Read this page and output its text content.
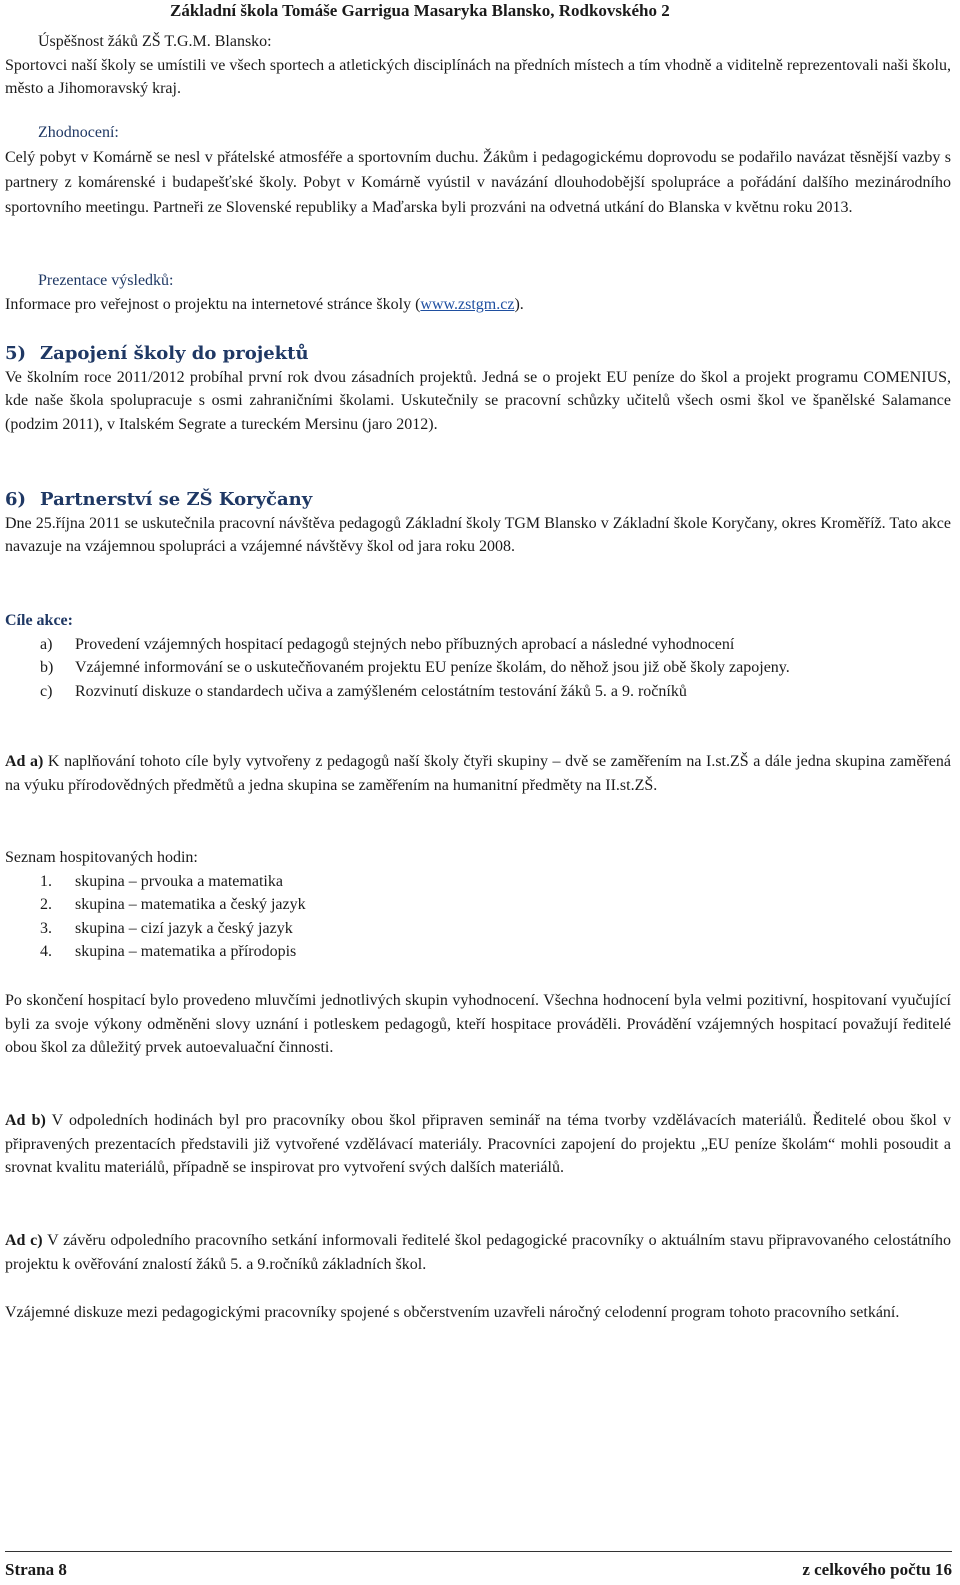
Základní škola Tomáše Garrigua Masaryka Blansko, Rodkovského 2

Úspěšnost žáků ZŠ T.G.M. Blansko:

Sportovci naší školy se umístili ve všech sportech a atletických disciplínách na předních místech a tím vhodně a viditelně reprezentovali naši školu, město a Jihomoravský kraj.

Zhodnocení:

Celý pobyt v Komárně se nesl v přátelské atmosféře a sportovním duchu. Žákům i pedagogickému doprovodu se podařilo navázat těsnější vazby s partnery z komárenské i budapešťské školy. Pobyt v Komárně vyústil v navázání dlouhodobější spolupráce a pořádání dalšího mezinárodního sportovního meetingu. Partneři ze Slovenské republiky a Maďarska byli prozváni na odvetná utkání do Blanska v květnu roku 2013.

Prezentace výsledků:

Informace pro veřejnost o projektu na internetové stránce školy (www.zstgm.cz).

5) Zapojení školy do projektů

Ve školním roce 2011/2012 probíhal první rok dvou zásadních projektů. Jedná se o projekt EU peníze do škol a projekt programu COMENIUS, kde naše škola spolupracuje s osmi zahraničními školami. Uskutečnily se pracovní schůzky učitelů všech osmi škol ve španělské Salamance (podzim 2011), v Italském Segrate a tureckém Mersinu (jaro 2012).

6) Partnerství se ZŠ Koryčany

Dne 25.října 2011 se uskutečnila pracovní návštěva pedagogů Základní školy TGM Blansko v Základní škole Koryčany, okres Kroměříž. Tato akce navazuje na vzájemnou spolupráci a vzájemné návštěvy škol od jara roku 2008.

Cíle akce:

a) Provedení vzájemných hospitací pedagogů stejných nebo příbuzných aprobací a následné vyhodnocení
b) Vzájemné informování se o uskutečňovaném projektu EU peníze školám, do něhož jsou již obě školy zapojeny.
c) Rozvinutí diskuze o standardech učiva a zamýšleném celostátním testování žáků 5. a 9. ročníků

Ad a) K naplňování tohoto cíle byly vytvořeny z pedagogů naší školy čtyři skupiny – dvě se zaměřením na I.st.ZŠ a dále jedna skupina zaměřená na výuku přírodovědných předmětů a jedna skupina se zaměřením na humanitní předměty na II.st.ZŠ.

Seznam hospitovaných hodin:

1. skupina – prvouka a matematika
2. skupina – matematika a český jazyk
3. skupina – cizí jazyk a český jazyk
4. skupina – matematika a přírodopis

Po skončení hospitací bylo provedeno mluvčími jednotlivých skupin vyhodnocení. Všechna hodnocení byla velmi pozitivní, hospitovaní vyučující byli za svoje výkony odměněni slovy uznání i potleskem pedagogů, kteří hospitace prováděli. Provádění vzájemných hospitací považují ředitelé obou škol za důležitý prvek autoevaluační činnosti.

Ad b) V odpoledních hodinách byl pro pracovníky obou škol připraven seminář na téma tvorby vzdělávacích materiálů. Ředitelé obou škol v připravených prezentacích představili již vytvořené vzdělávací materiály. Pracovníci zapojení do projektu „EU peníze školám“ mohli posoudit a srovnat kvalitu materiálů, případně se inspirovat pro vytvoření svých dalších materiálů.

Ad c) V závěru odpoledního pracovního setkání informovali ředitelé škol pedagogické pracovníky o aktuálním stavu připravovaného celostátního projektu k ověřování znalostí žáků 5. a 9.ročníků základních škol.

Vzájemné diskuze mezi pedagogickými pracovníky spojené s občerstvením uzavřeli náročný celodenní program tohoto pracovního setkání.

Strana 8	z celkového počtu 16
